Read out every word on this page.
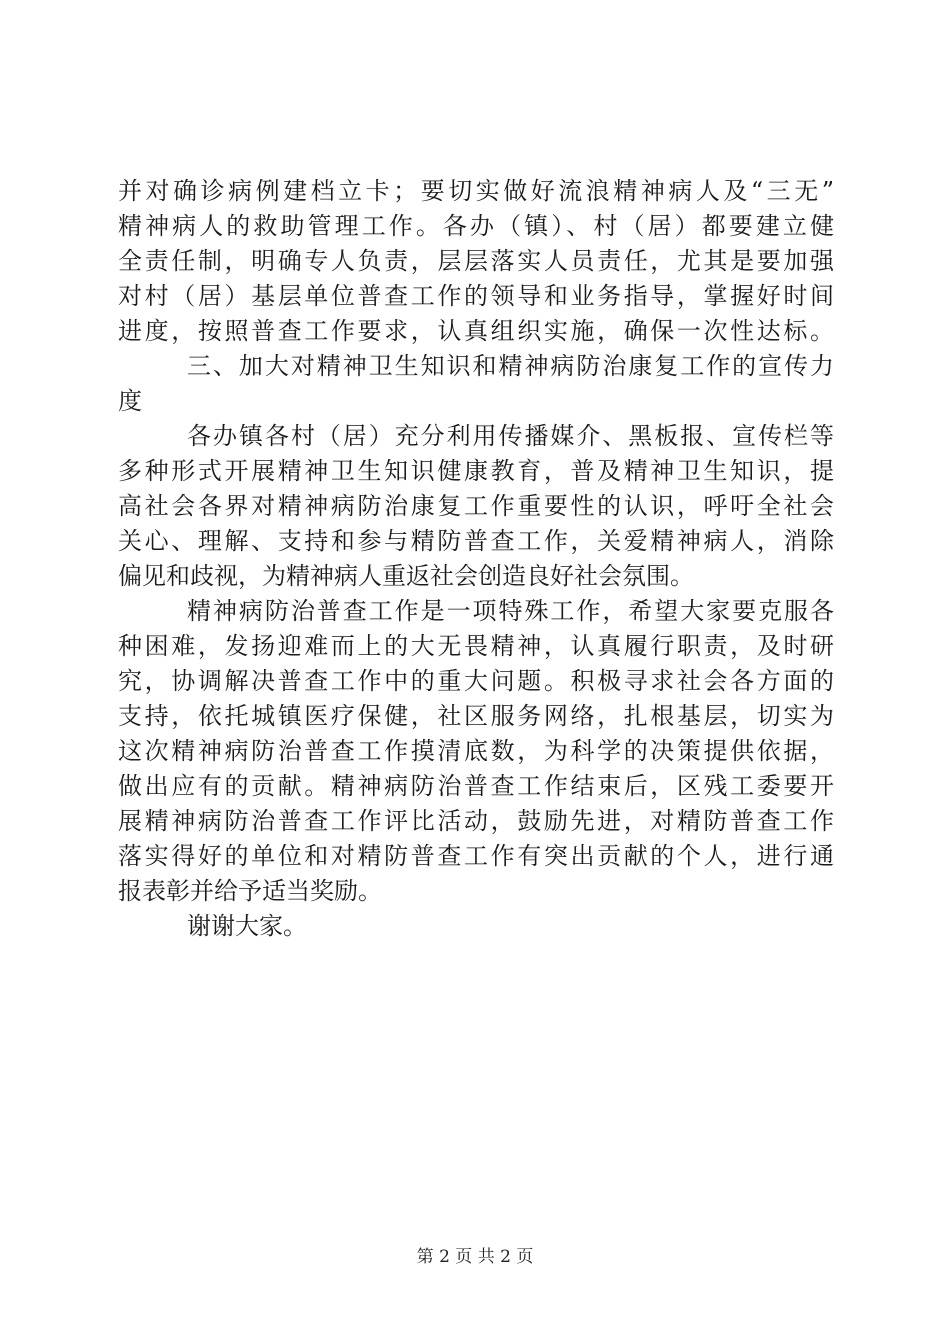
并对确诊病例建档立卡；要切实做好流浪精神病人及“三无”
精神病人的救助管理工作。各办（镇）、村（居）都要建立健
全责任制，明确专人负责，层层落实人员责任，尤其是要加强
对村（居）基层单位普查工作的领导和业务指导，掌握好时间
进度，按照普查工作要求，认真组织实施，确保一次性达标。
三、加大对精神卫生知识和精神病防治康复工作的宣传力
度
各办镇各村（居）充分利用传播媒介、黑板报、宣传栏等
多种形式开展精神卫生知识健康教育，普及精神卫生知识，提
高社会各界对精神病防治康复工作重要性的认识，呼吁全社会
关心、理解、支持和参与精防普查工作，关爱精神病人，消除
偏见和歧视，为精神病人重返社会创造良好社会氛围。
精神病防治普查工作是一项特殊工作，希望大家要克服各
种困难，发扬迎难而上的大无畏精神，认真履行职责，及时研
究，协调解决普查工作中的重大问题。积极寻求社会各方面的
支持，依托城镇医疗保健，社区服务网络，扎根基层，切实为
这次精神病防治普查工作摸清底数，为科学的决策提供依据，
做出应有的贡献。精神病防治普查工作结束后，区残工委要开
展精神病防治普查工作评比活动，鼓励先进，对精防普查工作
落实得好的单位和对精防普查工作有突出贡献的个人，进行通
报表彰并给予适当奖励。
谢谢大家。
第 2 页 共 2 页
